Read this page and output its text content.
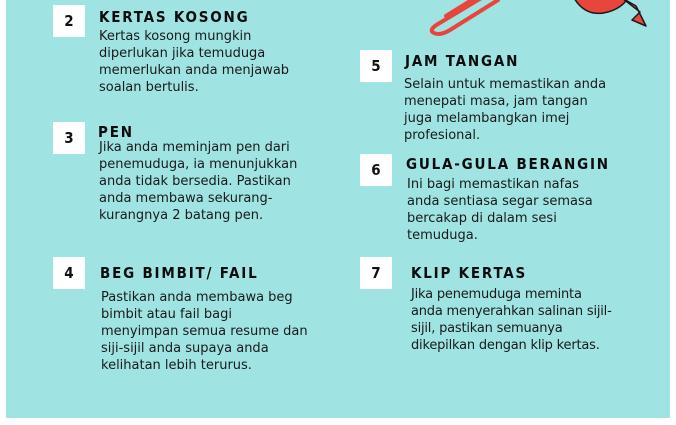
2 KERTAS KOSONG

Kertas kosong mungkin
diperlukan jika temuduga
memerlukan anda menjawab
soalan bertulis.

3 PEN

Jika anda meminjam pen dari
penemuduga, ia menunjukkan
anda tidak bersedia. Pastikan
anda membawa sekurang-
kurangnya 2 batang pen.

4 BEG BIMBIT/ FAIL

Pastikan anda membawa beg
bimbit atau fail bagi
menyimpan semua resume dan
siji-sijil anda supaya anda
kelihatan lebih terurus.

5 JAM TANGAN

Selain untuk memastikan anda
menepati masa, jam tangan
juga melambangkan imej
profesional.

6 GULA-GULA BERANGIN

Ini bagi memastikan nafas
anda sentiasa segar semasa
bercakap di dalam sesi
temuduga.

7 KLIP KERTAS

Jika penemuduga meminta
anda menyerahkan salinan sijil-
sijil, pastikan semuanya
dikepilkan dengan klip kertas.
